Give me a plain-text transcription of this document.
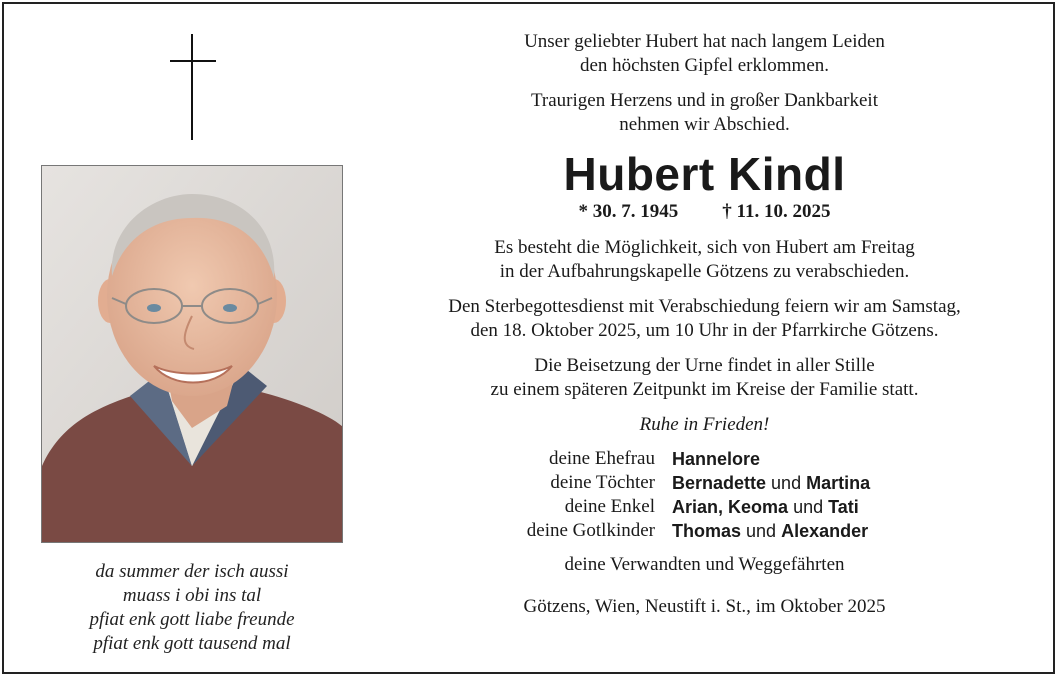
da summer der isch aussi
muass i obi ins tal
pfiat enk gott liabe freunde
pfiat enk gott tausend mal
Unser geliebter Hubert hat nach langem Leiden
den höchsten Gipfel erklommen.
Traurigen Herzens und in großer Dankbarkeit
nehmen wir Abschied.
Hubert Kindl
* 30. 7. 1945 † 11. 10. 2025
Es besteht die Möglichkeit, sich von Hubert am Freitag
in der Aufbahrungskapelle Götzens zu verabschieden.
Den Sterbegottesdienst mit Verabschiedung feiern wir am Samstag,
den 18. Oktober 2025, um 10 Uhr in der Pfarrkirche Götzens.
Die Beisetzung der Urne findet in aller Stille
zu einem späteren Zeitpunkt im Kreise der Familie statt.
Ruhe in Frieden!
deine Ehefrau Hannelore
deine Töchter Bernadette und Martina
deine Enkel Arian, Keoma und Tati
deine Gotlkinder Thomas und Alexander
deine Verwandten und Weggefährten
Götzens, Wien, Neustift i. St., im Oktober 2025
